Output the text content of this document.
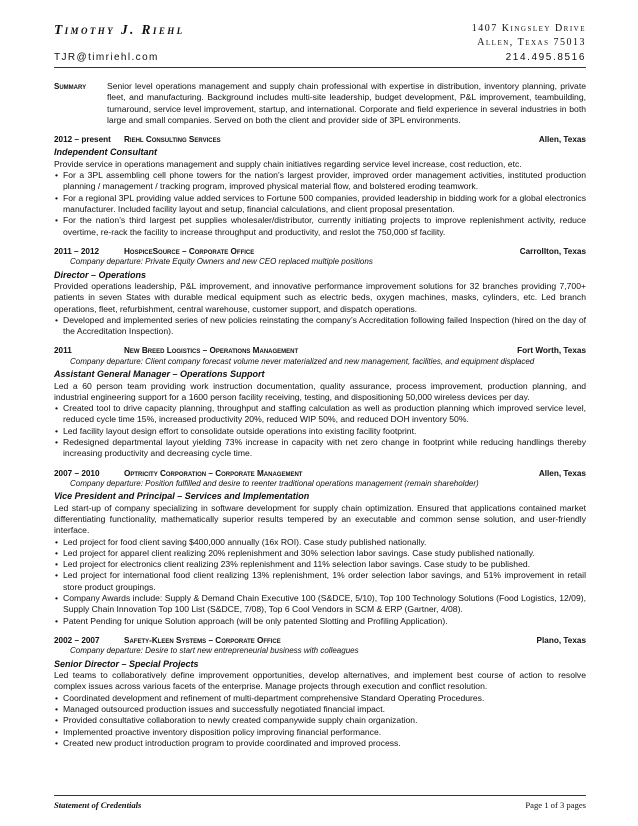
Timothy J. Riehl	1407 Kingsley Drive
Allen, Texas 75013
TJR@timriehl.com	214.495.8516
Summary	Senior level operations management and supply chain professional with expertise in distribution, inventory planning, private fleet, and manufacturing. Background includes multi-site leadership, budget development, P&L improvement, teambuilding, turnaround, service level improvement, startup, and international. Corporate and field experience in several industries in both large and small companies. Served on both the client and provider side of 3PL environments.
2012 – present	Riehl Consulting Services	Allen, Texas
Independent Consultant
Provide service in operations management and supply chain initiatives regarding service level increase, cost reduction, etc.
• For a 3PL assembling cell phone towers for the nation’s largest provider, improved order management activities, instituted production planning / management / tracking program, improved physical material flow, and bolstered eroding teamwork.
• For a regional 3PL providing value added services to Fortune 500 companies, provided leadership in bidding work for a global electronics manufacturer. Included facility layout and setup, financial calculations, and client proposal presentation.
• For the nation’s third largest pet supplies wholesaler/distributor, currently initiating projects to improve replenishment activity, reduce overtime, re-rack the facility to increase throughput and productivity, and reslot the 750,000 sf facility.
2011 – 2012	HospiceSource – Corporate Office	Carrollton, Texas
Company departure: Private Equity Owners and new CEO replaced multiple positions
Director – Operations
Provided operations leadership, P&L improvement, and innovative performance improvement solutions for 32 branches providing 7,700+ patients in seven States with durable medical equipment such as electric beds, oxygen machines, masks, cylinders, etc. Led branch operations, fleet, refurbishment, central warehouse, customer support, and dispatch operations.
• Developed and implemented series of new policies reinstating the company’s Accreditation following failed Inspection (hired on the day of the Accreditation Inspection).
2011	New Breed Logistics – Operations Management	Fort Worth, Texas
Company departure: Client company forecast volume never materialized and new management, facilities, and equipment displaced
Assistant General Manager – Operations Support
Led a 60 person team providing work instruction documentation, quality assurance, process improvement, production planning, and industrial engineering support for a 1600 person facility receiving, testing, and dispositioning 50,000 wireless devices per day.
• Created tool to drive capacity planning, throughput and staffing calculation as well as production planning which improved service level, reduced cycle time 15%, increased productivity 20%, reduced WIP 50%, and reduced DOH inventory 50%.
• Led facility layout design effort to consolidate outside operations into existing facility footprint.
• Redesigned departmental layout yielding 73% increase in capacity with net zero change in footprint while reducing handlings thereby increasing productivity and decreasing cycle time.
2007 – 2010	Optricity Corporation – Corporate Management	Allen, Texas
Company departure: Position fulfilled and desire to reenter traditional operations management (remain shareholder)
Vice President and Principal – Services and Implementation
Led start-up of company specializing in software development for supply chain optimization. Ensured that applications contained market differentiating functionality, mathematically superior results tempered by an executable and common sense solution, and user-friendly interface.
• Led project for food client saving $400,000 annually (16x ROI). Case study published nationally.
• Led project for apparel client realizing 20% replenishment and 30% selection labor savings. Case study published nationally.
• Led project for electronics client realizing 23% replenishment and 11% selection labor savings. Case study to be published.
• Led project for international food client realizing 13% replenishment, 1% order selection labor savings, and 51% improvement in retail store product groupings.
• Company Awards include: Supply & Demand Chain Executive 100 (S&DCE, 5/10), Top 100 Technology Solutions (Food Logistics, 12/09), Supply Chain Innovation Top 100 List (S&DCE, 7/08), Top 6 Cool Vendors in SCM & ERP (Gartner, 4/08).
• Patent Pending for unique Solution approach (will be only patented Slotting and Profiling Application).
2002 – 2007	Safety-Kleen Systems – Corporate Office	Plano, Texas
Company departure: Desire to start new entrepreneurial business with colleagues
Senior Director – Special Projects
Led teams to collaboratively define improvement opportunities, develop alternatives, and implement best course of action to resolve complex issues across various facets of the enterprise. Manage projects through execution and conflict resolution.
• Coordinated development and refinement of multi-department comprehensive Standard Operating Procedures.
• Managed outsourced production issues and successfully negotiated financial impact.
• Provided consultative collaboration to newly created companywide supply chain organization.
• Implemented proactive inventory disposition policy improving financial performance.
• Created new product introduction program to provide coordinated and improved process.
Statement of Credentials	Page 1 of 3 pages
